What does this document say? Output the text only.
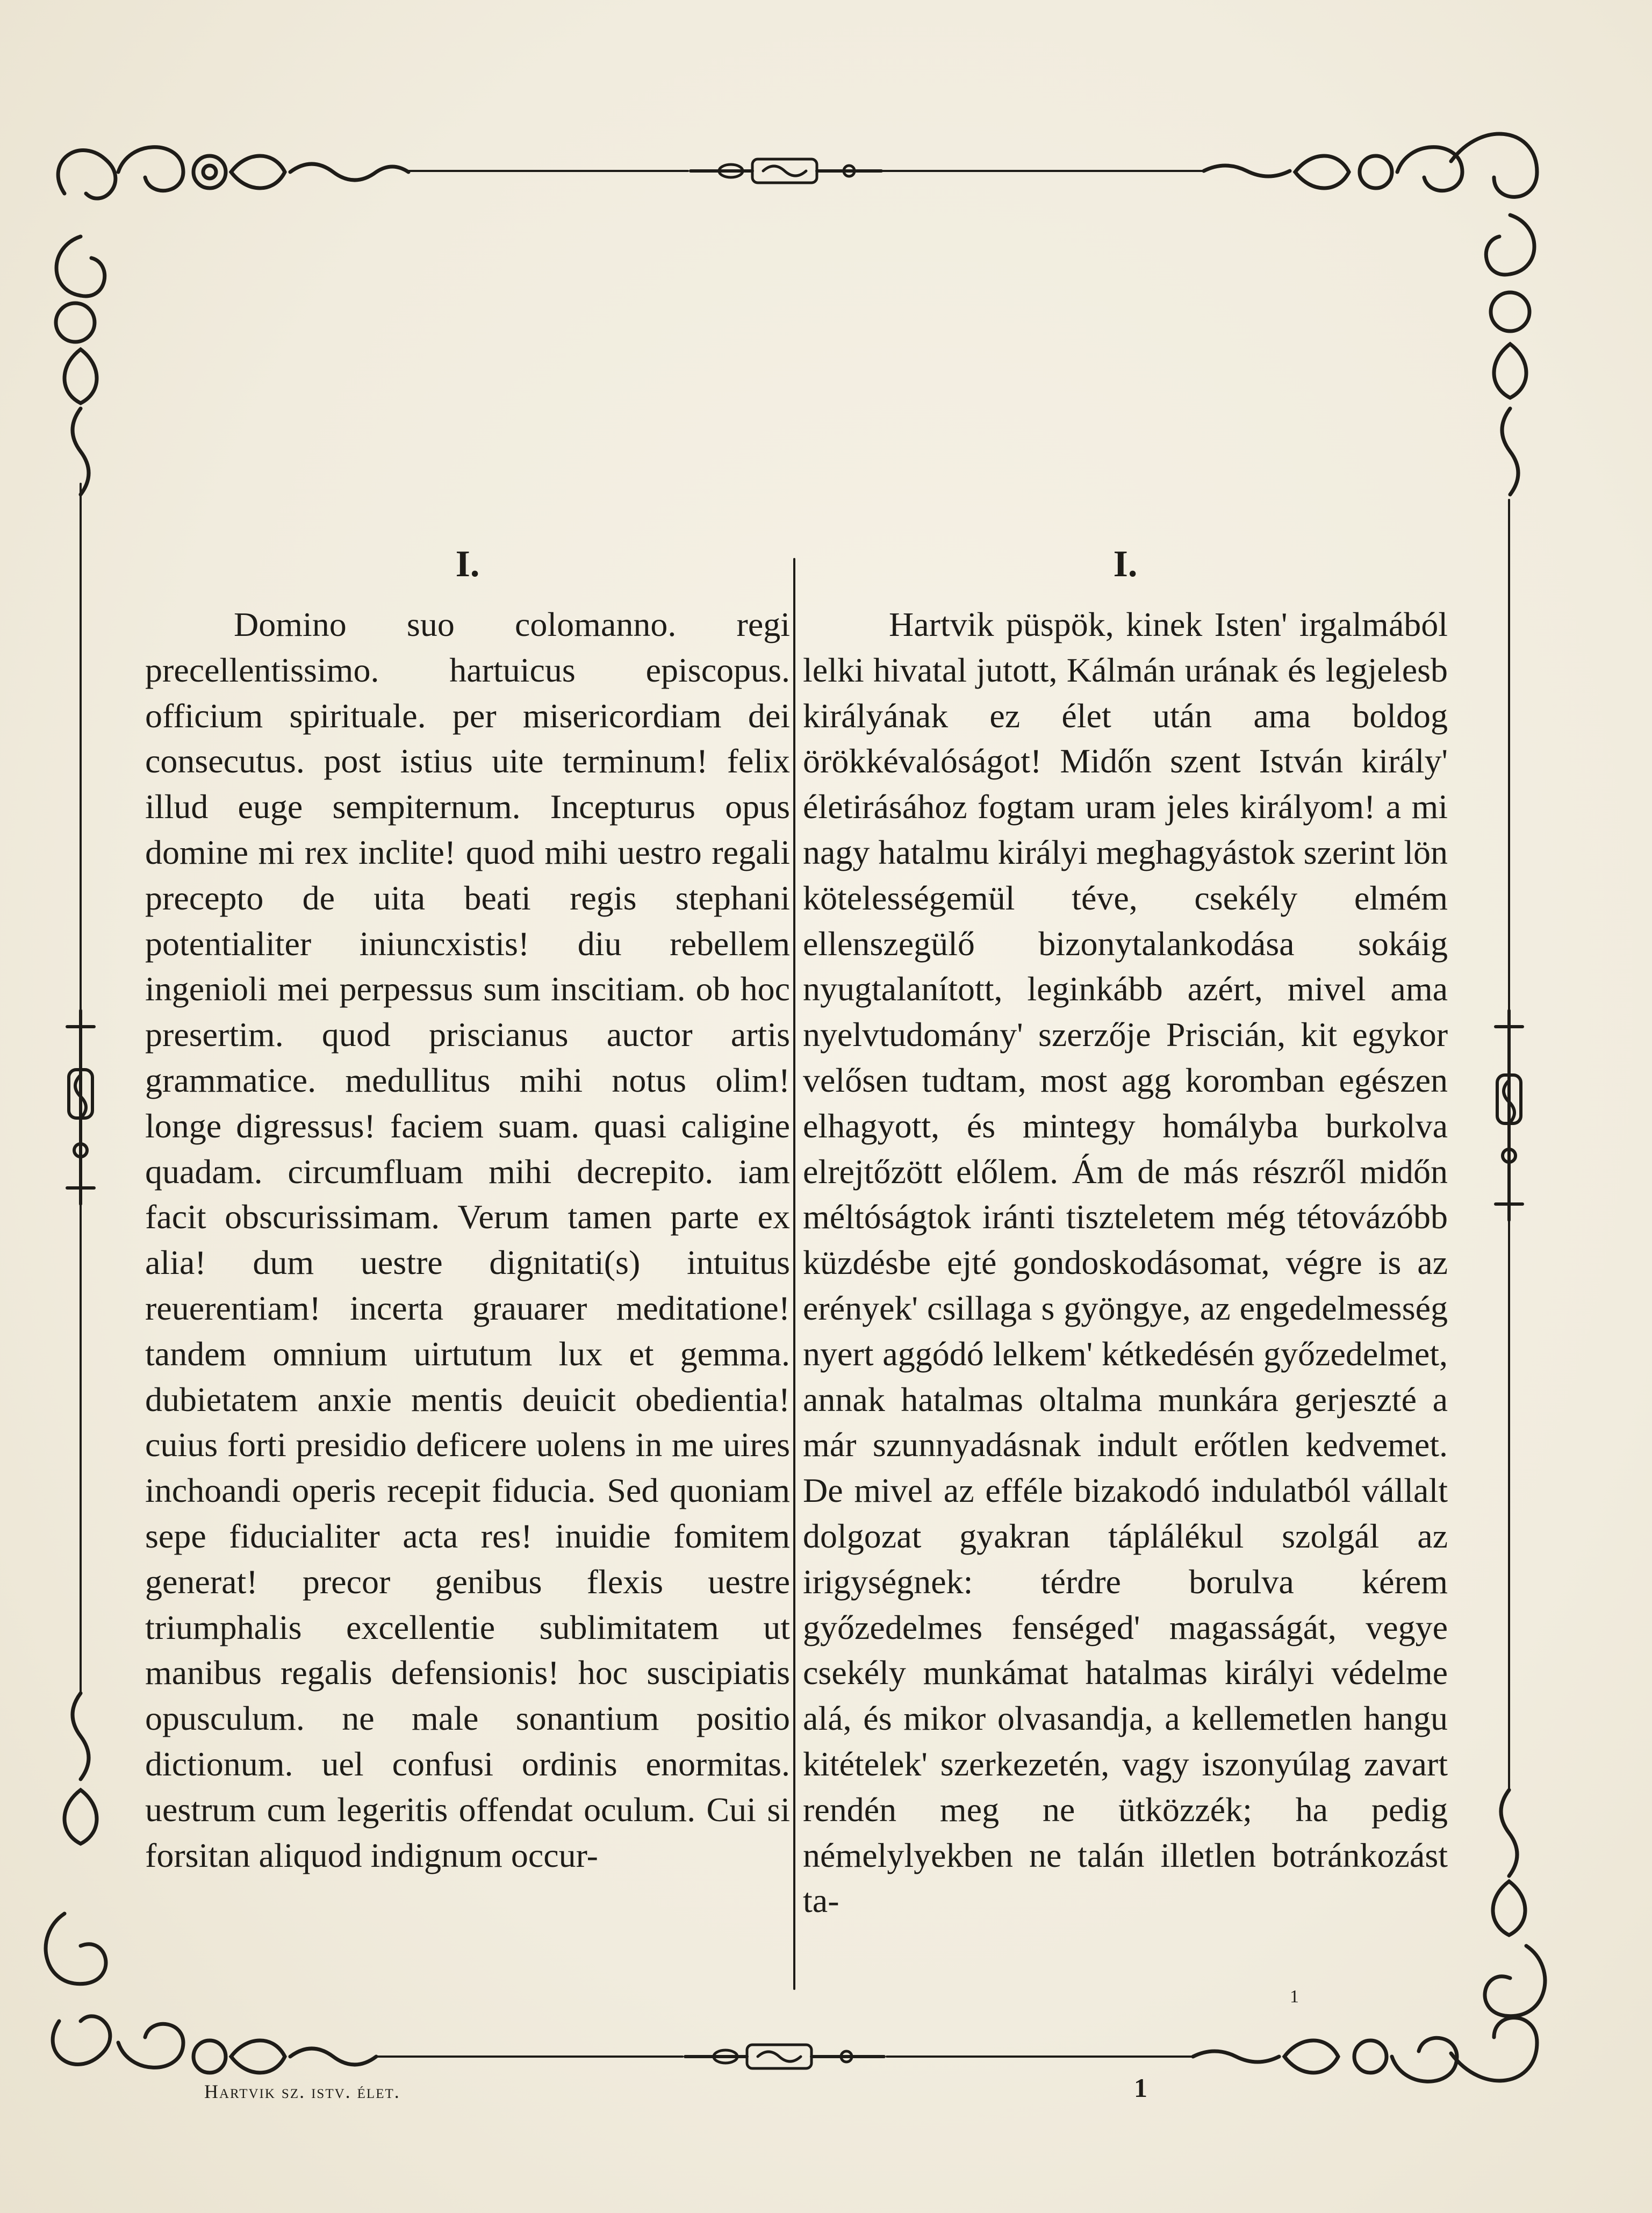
I.	I.

Domino suo colomanno. regi precellentissimo. hartuicus episcopus. officium spirituale. per misericordiam dei consecutus. post istius uite terminum! felix illud euge sempiternum. Incepturus opus domine mi rex inclite! quod mihi uestro regali precepto de uita beati regis stephani potentialiter iniuncxistis! diu rebellem ingenioli mei perpessus sum inscitiam. ob hoc presertim. quod priscianus auctor artis grammatice. medullitus mihi notus olim! longe digressus! faciem suam. quasi caligine quadam. circumfluam mihi decrepito. iam facit obscurissimam. Verum tamen parte ex alia! dum uestre dignitati(s) intuitus reuerentiam! incerta grauarer meditatione! tandem omnium uirtutum lux et gemma. dubietatem anxie mentis deuicit obedientia! cuius forti presidio deficere uolens in me uires inchoandi operis recepit fiducia. Sed quoniam sepe fiducialiter acta res! inuidie fomitem generat! precor genibus flexis uestre triumphalis excellentie sublimitatem ut manibus regalis defensionis! hoc suscipiatis opusculum. ne male sonantium positio dictionum. uel confusi ordinis enormitas. uestrum cum legeritis offendat oculum. Cui si forsitan aliquod indignum occur-

Hartvik püspök, kinek Isten' irgalmából lelki hivatal jutott, Kálmán urának és legjelesb királyának ez élet után ama boldog örökkévalóságot! Midőn szent István király' életirásához fogtam uram jeles királyom! a mi nagy hatalmu királyi meghagyástok szerint lön kötelességemül téve, csekély elmém ellenszegülő bizonytalankodása sokáig nyugtalanított, leginkább azért, mivel ama nyelvtudomány' szerzője Priscián, kit egykor velősen tudtam, most agg koromban egészen elhagyott, és mintegy homályba burkolva elrejtőzött előlem. Ám de más részről midőn méltóságtok iránti tiszteletem még tétovázóbb küzdésbe ejté gondoskodásomat, végre is az erények' csillaga s gyöngye, az engedelmesség nyert aggódó lelkem' kétkedésén győzedelmet, annak hatalmas oltalma munkára gerjeszté a már szunnyadásnak indult erőtlen kedvemet. De mivel az efféle bizakodó indulatból vállalt dolgozat gyakran táplálékul szolgál az irigységnek: térdre borulva kérem győzedelmes fenséged' magasságát, vegye csekély munkámat hatalmas királyi védelme alá, és mikor olvasandja, a kellemetlen hangu kitételek' szerkezetén, vagy iszonyúlag zavart rendén meg ne ütközzék; ha pedig némelylyekben ne talán illetlen botránkozást ta-

1
Hartvik sz. istv. élet.	1
